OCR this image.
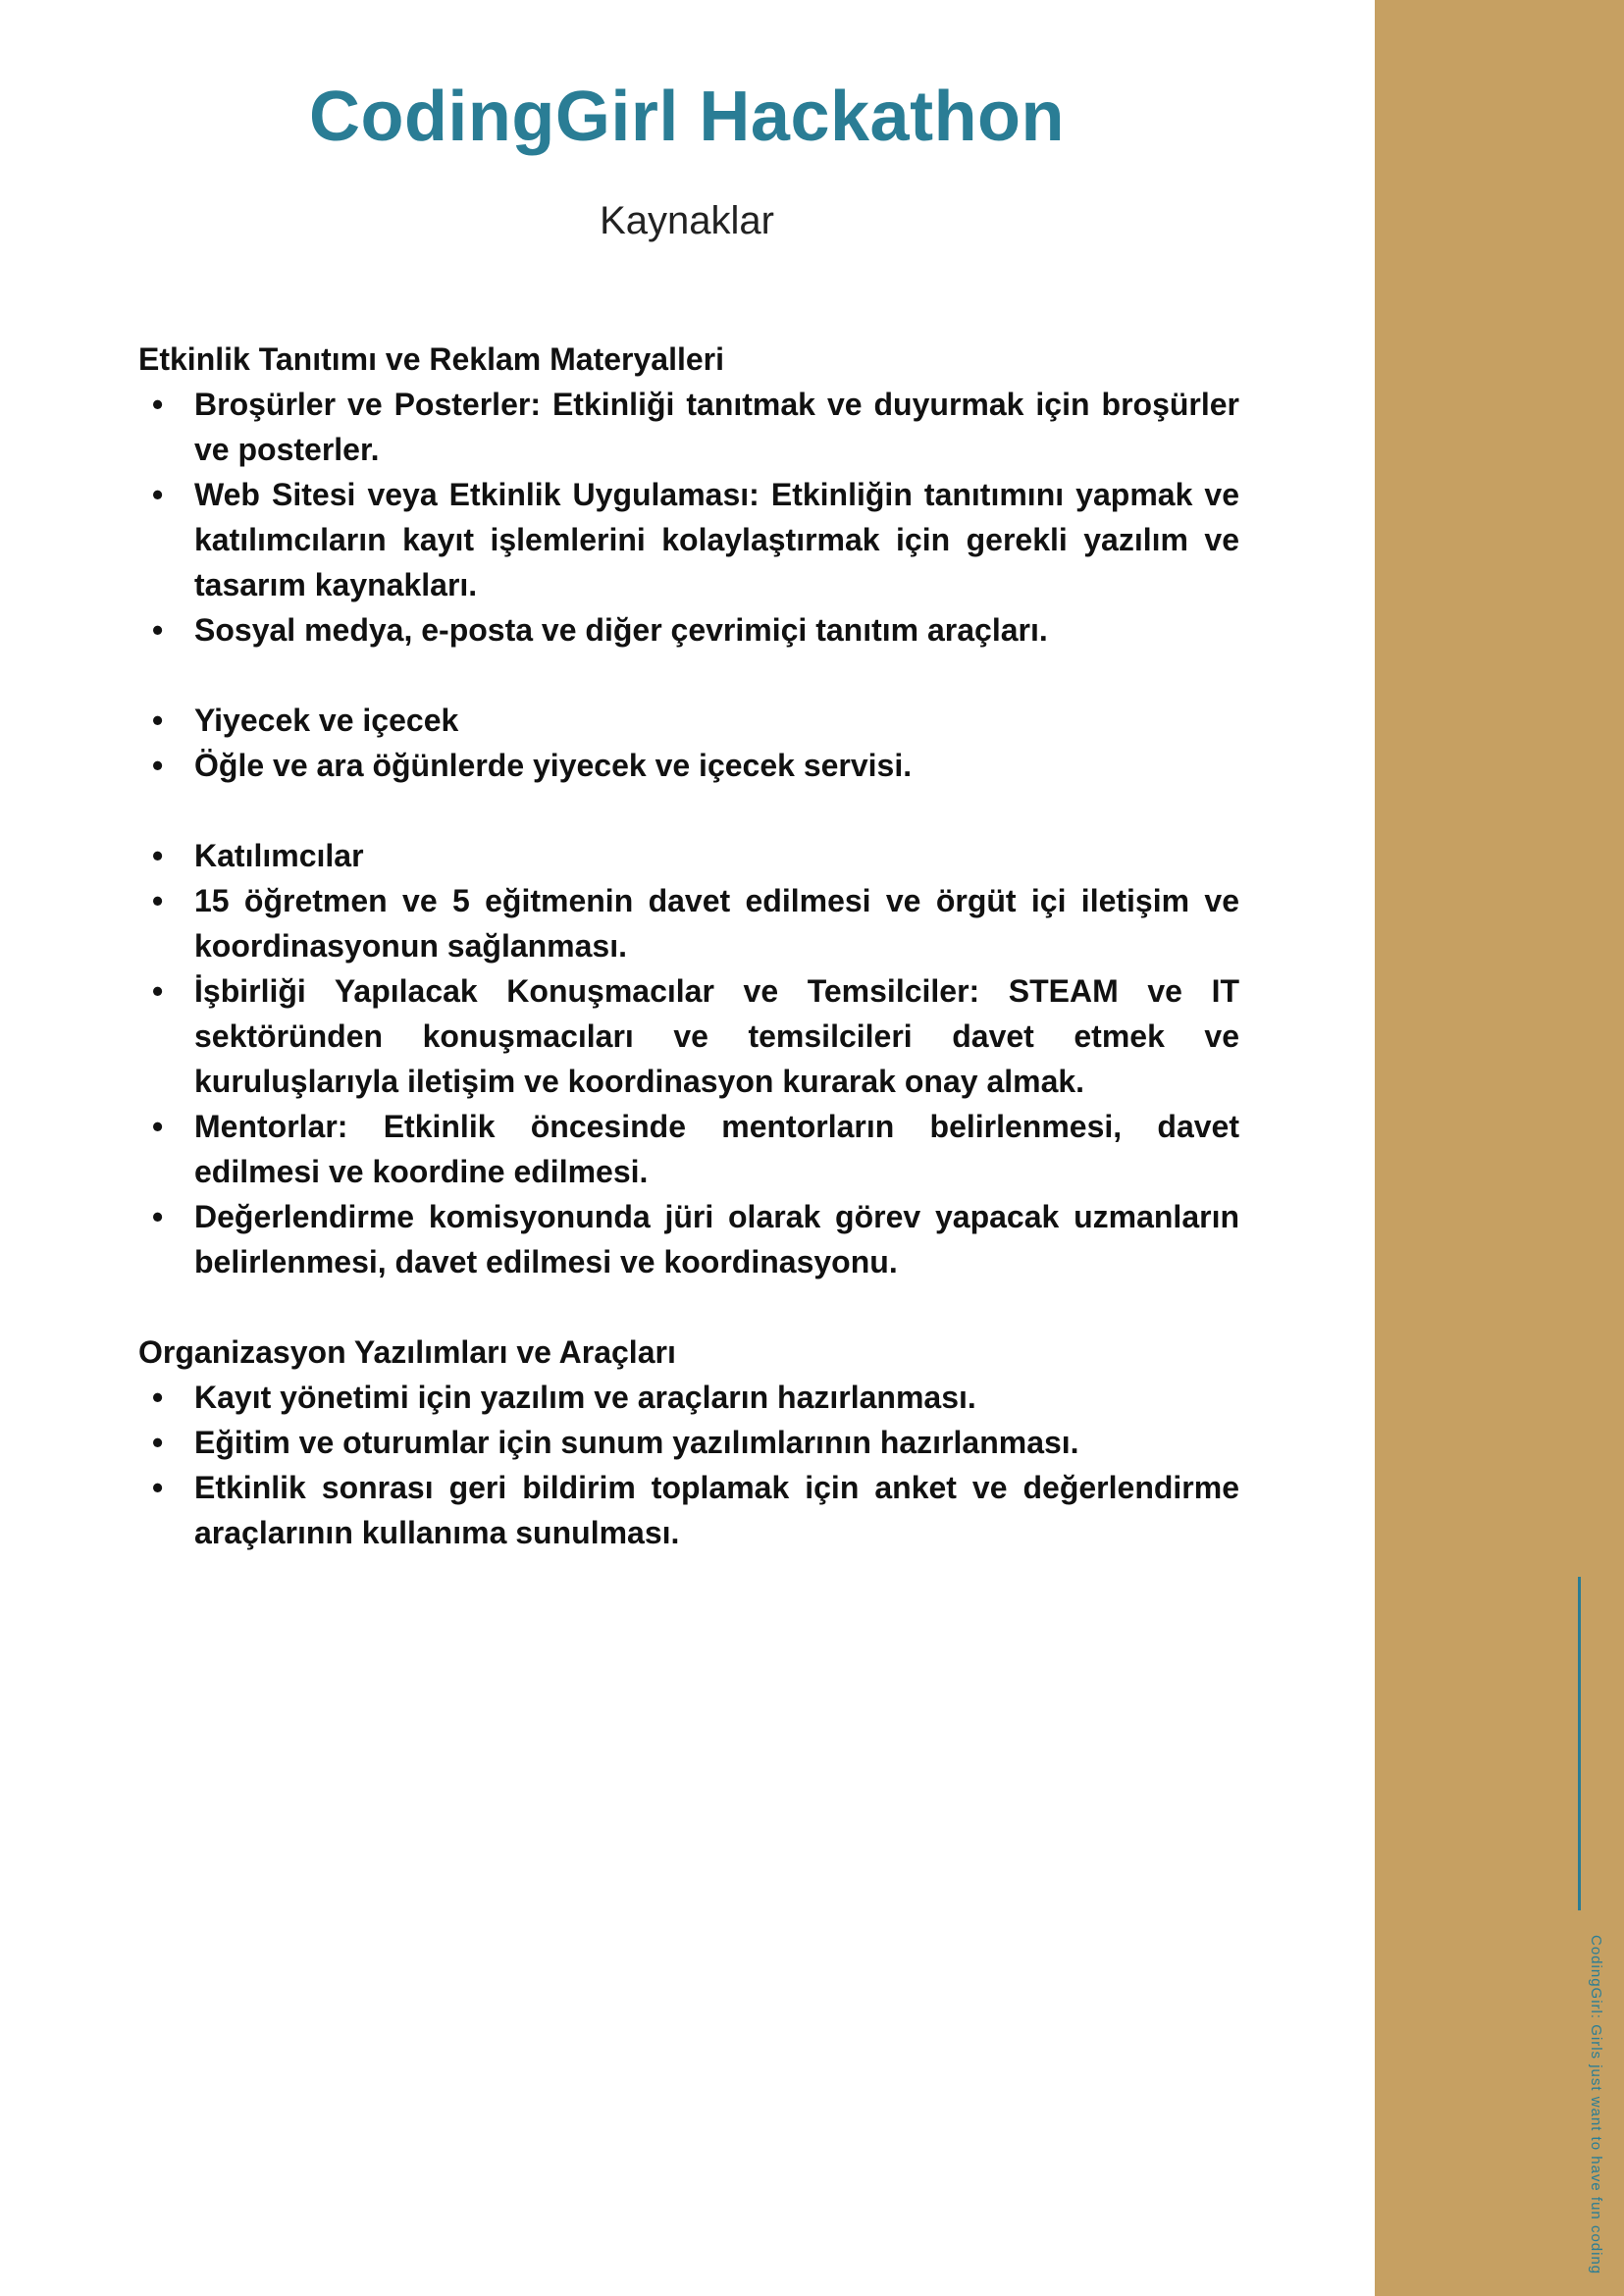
CodingGirl Hackathon
Kaynaklar
Etkinlik Tanıtımı ve Reklam Materyalleri
• Broşürler ve Posterler: Etkinliği tanıtmak ve duyurmak için broşürler ve posterler.
• Web Sitesi veya Etkinlik Uygulaması: Etkinliğin tanıtımını yapmak ve katılımcıların kayıt işlemlerini kolaylaştırmak için gerekli yazılım ve tasarım kaynakları.
• Sosyal medya, e-posta ve diğer çevrimiçi tanıtım araçları.
• Yiyecek ve içecek
• Öğle ve ara öğünlerde yiyecek ve içecek servisi.
• Katılımcılar
• 15 öğretmen ve 5 eğitmenin davet edilmesi ve örgüt içi iletişim ve koordinasyonun sağlanması.
• İşbirliği Yapılacak Konuşmacılar ve Temsilciler: STEAM ve IT sektöründen konuşmacıları ve temsilcileri davet etmek ve kuruluşlarıyla iletişim ve koordinasyon kurarak onay almak.
• Mentorlar: Etkinlik öncesinde mentorların belirlenmesi, davet edilmesi ve koordine edilmesi.
• Değerlendirme komisyonunda jüri olarak görev yapacak uzmanların belirlenmesi, davet edilmesi ve koordinasyonu.
Organizasyon Yazılımları ve Araçları
• Kayıt yönetimi için yazılım ve araçların hazırlanması.
• Eğitim ve oturumlar için sunum yazılımlarının hazırlanması.
• Etkinlik sonrası geri bildirim toplamak için anket ve değerlendirme araçlarının kullanıma sunulması.

CodingGirl: Girls just want to have fun coding
